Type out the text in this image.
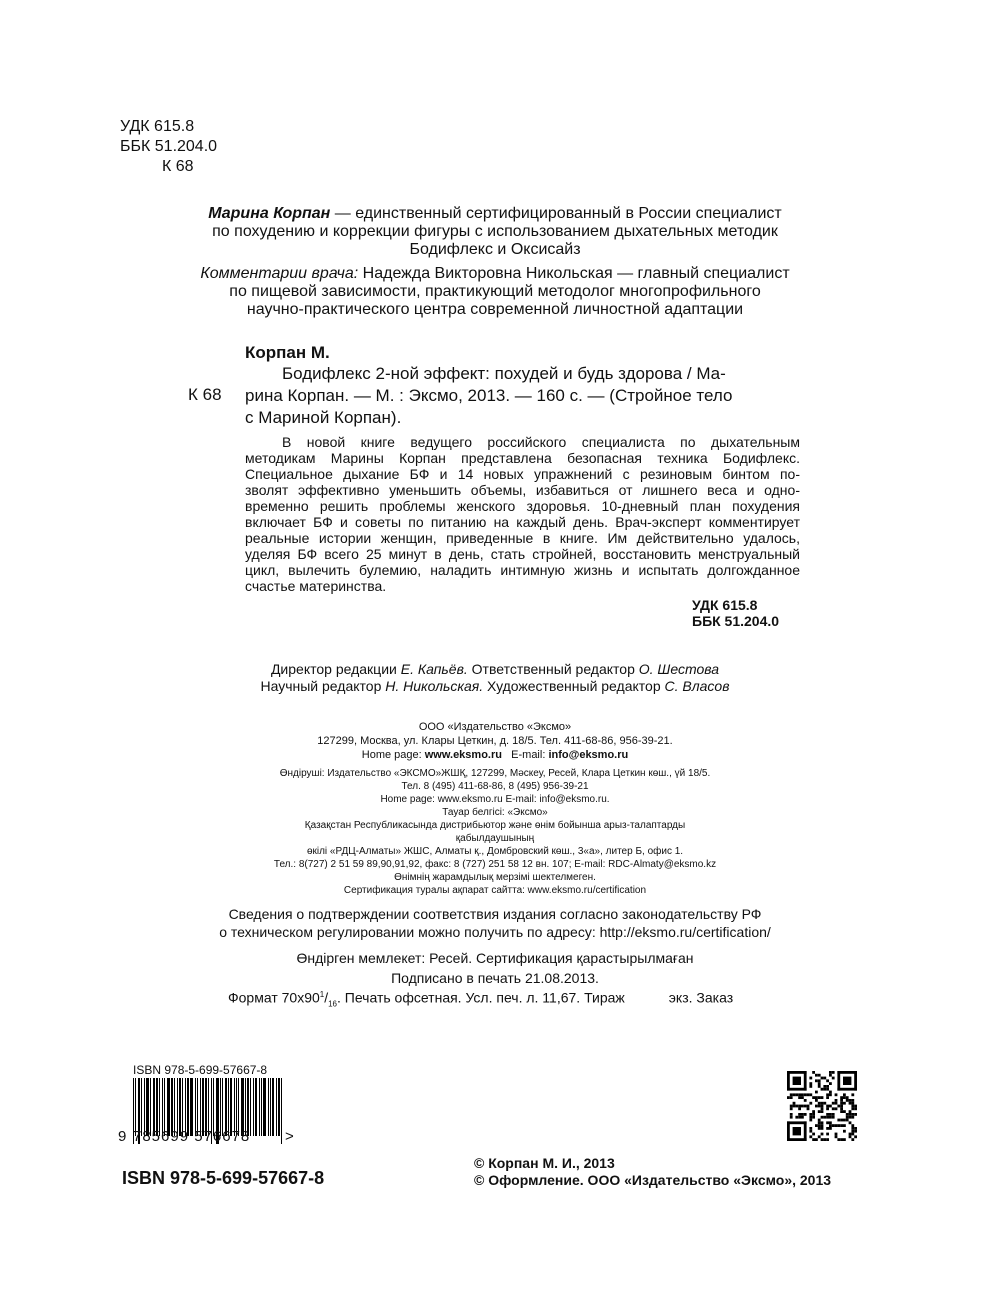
УДК 615.8
ББК 51.204.0
К 68
Марина Корпан — единственный сертифицированный в России специалист
по похудению и коррекции фигуры с использованием дыхательных методик
Бодифлекс и Оксисайз
Комментарии врача: Надежда Викторовна Никольская — главный специалист
по пищевой зависимости, практикующий методолог многопрофильного
научно-практического центра современной личностной адаптации
Корпан М.
К 68
Бодифлекс 2-ной эффект: похудей и будь здорова / Ма-
рина Корпан. — М. : Эксмо, 2013. — 160 с. — (Стройное тело
с Мариной Корпан).
В новой книге ведущего российского специалиста по дыхательным
методикам Марины Корпан представлена безопасная техника Бодифлекс.
Специальное дыхание БФ и 14 новых упражнений с резиновым бинтом по-
зволят эффективно уменьшить объемы, избавиться от лишнего веса и одно-
временно решить проблемы женского здоровья. 10-дневный план похудения
включает БФ и советы по питанию на каждый день. Врач-эксперт комментирует
реальные истории женщин, приведенные в книге. Им действительно удалось,
уделяя БФ всего 25 минут в день, стать стройней, восстановить менструальный
цикл, вылечить булемию, наладить интимную жизнь и испытать долгожданное
счастье материнства.
УДК 615.8
ББК 51.204.0
Директор редакции Е. Капьёв. Ответственный редактор О. Шестова
Научный редактор Н. Никольская. Художественный редактор С. Власов
ООО «Издательство «Эксмо»
127299, Москва, ул. Клары Цеткин, д. 18/5. Тел. 411-68-86, 956-39-21.
Home page: www.eksmo.ru   E-mail: info@eksmo.ru
Өндіруші: Издательство «ЭКСМО»ЖШҚ, 127299, Мәскеу, Ресей, Клара Цеткин көш., үй 18/5.
Тел. 8 (495) 411-68-86, 8 (495) 956-39-21
Home page: www.eksmo.ru E-mail: info@eksmo.ru.
Тауар белгісі: «Эксмо»
Қазақстан Республикасында дистрибьютор және өнім бойынша арыз-талаптарды
қабылдаушының
өкілі «РДЦ-Алматы» ЖШС, Алматы қ., Домбровский көш., 3«а», литер Б, офис 1.
Тел.: 8(727) 2 51 59 89,90,91,92, факс: 8 (727) 251 58 12 вн. 107; E-mail: RDC-Almaty@eksmo.kz
Өнімнің жарамдылық мерзімі шектелмеген.
Сертификация туралы ақпарат сайтта: www.eksmo.ru/certification
Сведения о подтверждении соответствия издания согласно законодательству РФ
о техническом регулировании можно получить по адресу: http://eksmo.ru/certification/
Өндірген мемлекет: Ресей. Сертификация қарастырылмаған
Подписано в печать 21.08.2013.
Формат $70х90^1/_{16}$. Печать офсетная. Усл. печ. л. 11,67. Тираж	экз. Заказ
ISBN 978-5-699-57667-8
9 785699 576678 >
ISBN 978-5-699-57667-8
© Корпан М. И., 2013
© Оформление. ООО «Издательство «Эксмо», 2013
